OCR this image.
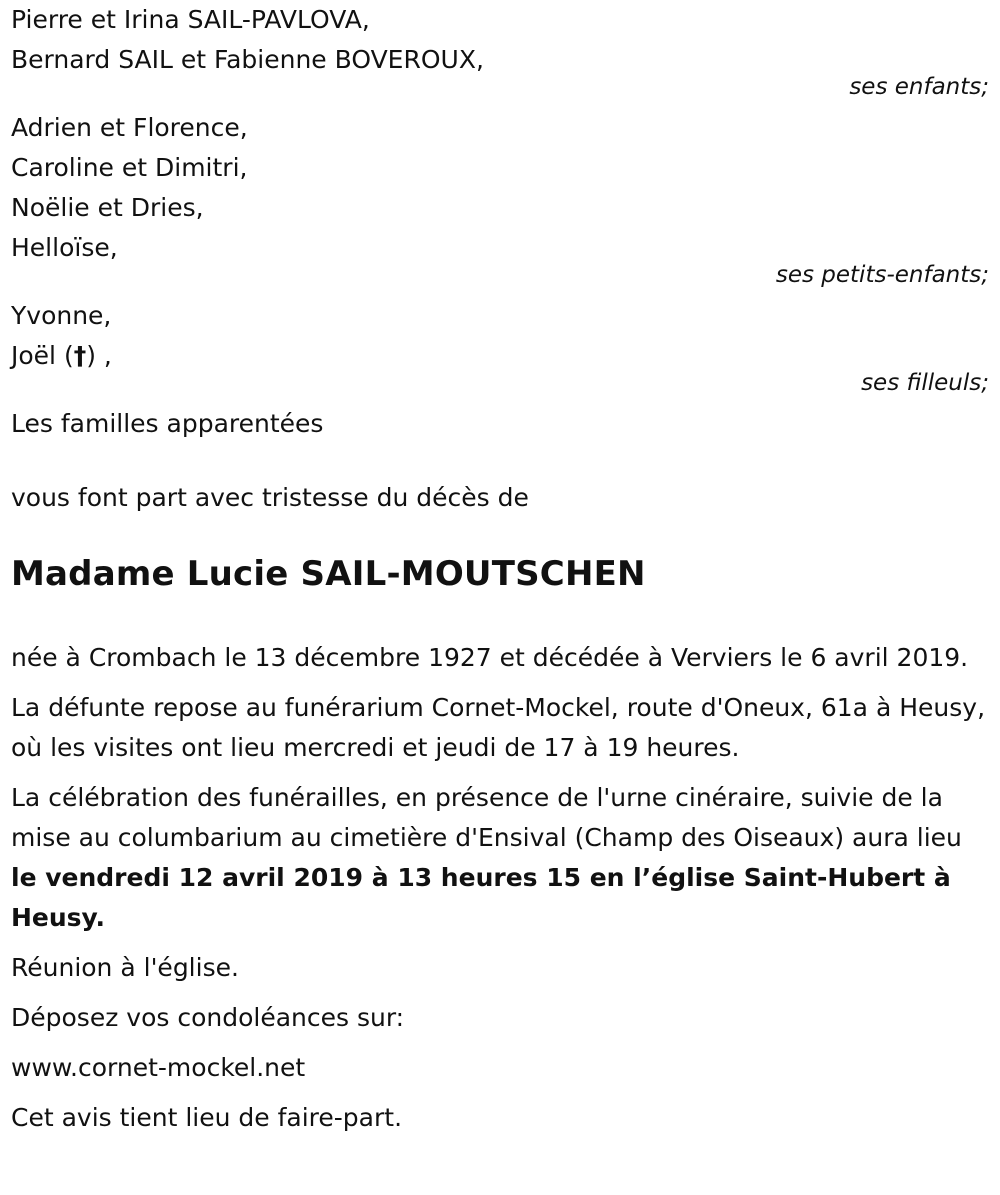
Pierre et Irina SAIL-PAVLOVA,
Bernard SAIL et Fabienne BOVEROUX,
ses enfants;
Adrien et Florence,
Caroline et Dimitri,
Noëlie et Dries,
Helloïse,
ses petits-enfants;
Yvonne,
Joël (†) ,
ses filleuls;
Les familles apparentées
vous font part avec tristesse du décès de
Madame Lucie SAIL-MOUTSCHEN

née à Crombach le 13 décembre 1927 et décédée à Verviers le 6 avril 2019.

La défunte repose au funérarium Cornet-Mockel, route d'Oneux, 61a à Heusy, où les visites ont lieu mercredi et jeudi de 17 à 19 heures.

La célébration des funérailles, en présence de l'urne cinéraire, suivie de la mise au columbarium au cimetière d'Ensival (Champ des Oiseaux) aura lieu le vendredi 12 avril 2019 à 13 heures 15 en l’église Saint-Hubert à Heusy.

Réunion à l'église.

Déposez vos condoléances sur:

www.cornet-mockel.net

Cet avis tient lieu de faire-part.
